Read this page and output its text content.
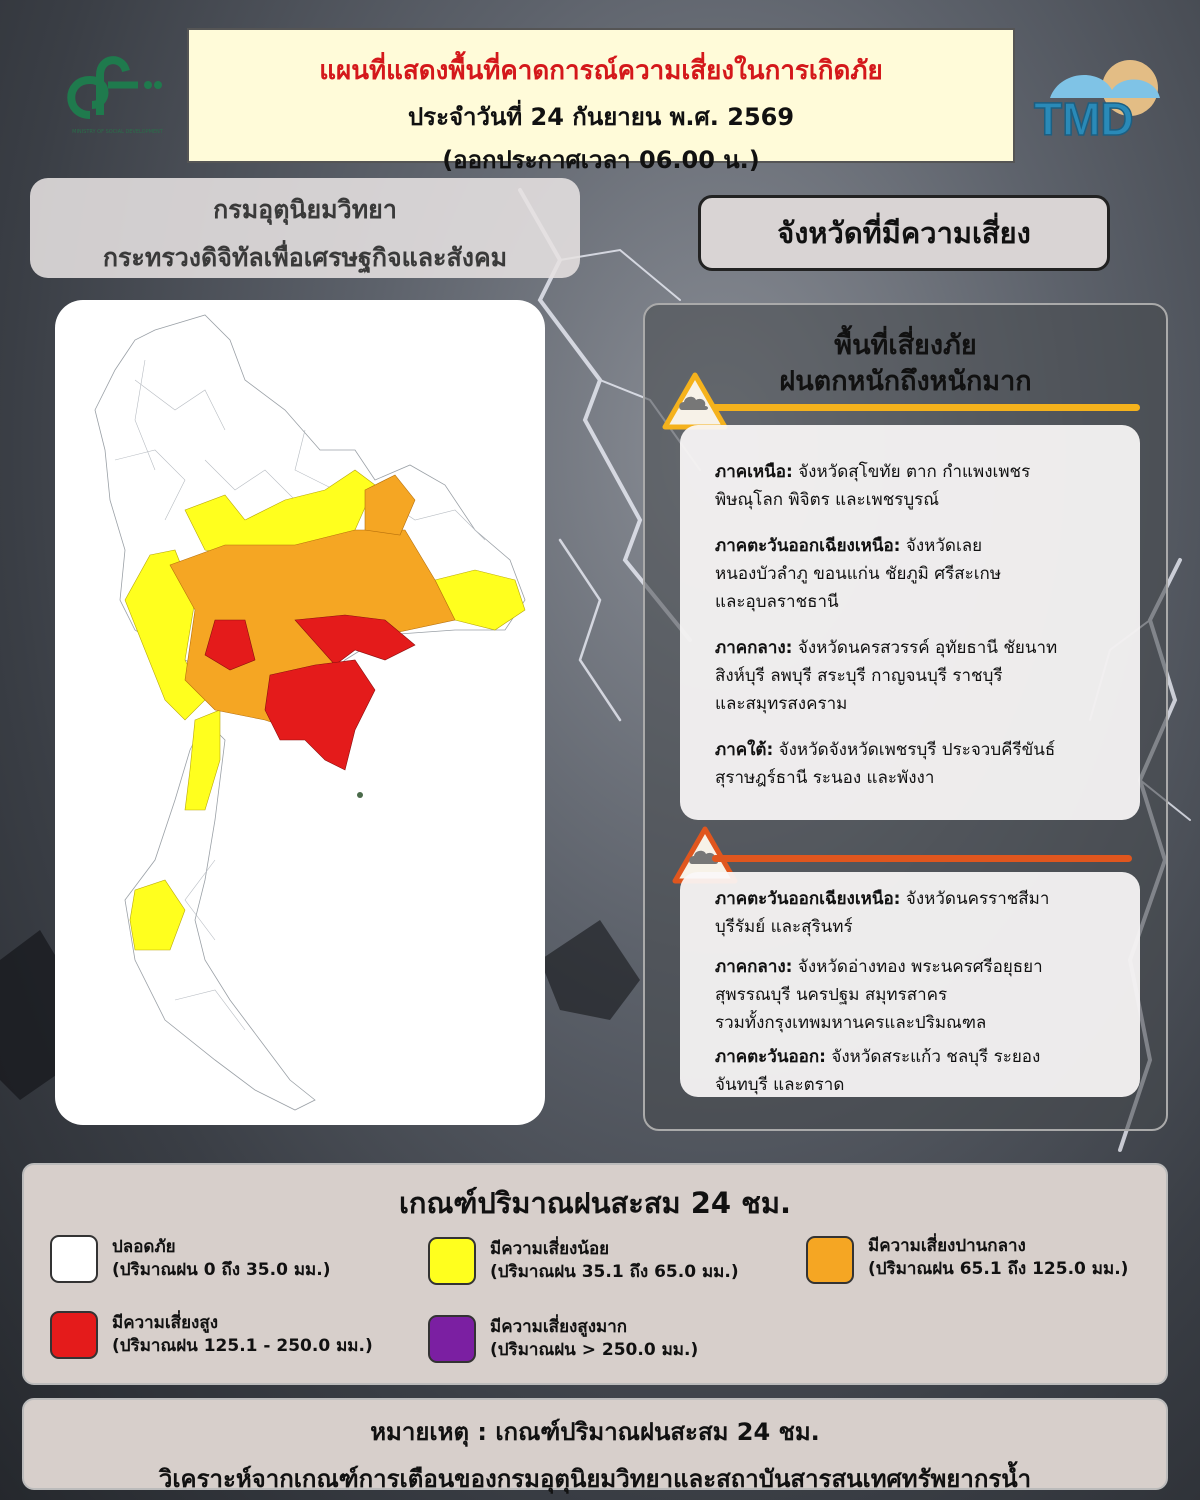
MINISTRY OF SOCIAL DEVELOPMENT
แผนที่แสดงพื้นที่คาดการณ์ความเสี่ยงในการเกิดภัย
ประจำวันที่ 24 กันยายน พ.ศ. 2569
(ออกประกาศเวลา 06.00 น.)
TMD
กรมอุตุนิยมวิทยา
กระทรวงดิจิทัลเพื่อเศรษฐกิจและสังคม
จังหวัดที่มีความเสี่ยง
พื้นที่เสี่ยงภัย
ฝนตกหนักถึงหนักมาก
ภาคเหนือ: จังหวัดสุโขทัย ตาก กำแพงเพชร
พิษณุโลก พิจิตร และเพชรบูรณ์
ภาคตะวันออกเฉียงเหนือ: จังหวัดเลย
หนองบัวลำภู ขอนแก่น ชัยภูมิ ศรีสะเกษ
และอุบลราชธานี
ภาคกลาง: จังหวัดนครสวรรค์ อุทัยธานี ชัยนาท
สิงห์บุรี ลพบุรี สระบุรี กาญจนบุรี ราชบุรี
และสมุทรสงคราม
ภาคใต้: จังหวัดจังหวัดเพชรบุรี ประจวบคีรีขันธ์
สุราษฎร์ธานี ระนอง และพังงา
ภาคตะวันออกเฉียงเหนือ: จังหวัดนครราชสีมา
บุรีรัมย์ และสุรินทร์
ภาคกลาง: จังหวัดอ่างทอง พระนครศรีอยุธยา
สุพรรณบุรี นครปฐม สมุทรสาคร
รวมทั้งกรุงเทพมหานครและปริมณฑล
ภาคตะวันออก: จังหวัดสระแก้ว ชลบุรี ระยอง
จันทบุรี และตราด
เกณฑ์ปริมาณฝนสะสม 24 ชม.
ปลอดภัย
(ปริมาณฝน 0 ถึง 35.0 มม.)
มีความเสี่ยงน้อย
(ปริมาณฝน 35.1 ถึง 65.0 มม.)
มีความเสี่ยงปานกลาง
(ปริมาณฝน 65.1 ถึง 125.0 มม.)
มีความเสี่ยงสูง
(ปริมาณฝน 125.1 - 250.0 มม.)
มีความเสี่ยงสูงมาก
(ปริมาณฝน > 250.0 มม.)
หมายเหตุ : เกณฑ์ปริมาณฝนสะสม 24 ชม.
วิเคราะห์จากเกณฑ์การเตือนของกรมอุตุนิยมวิทยาและสถาบันสารสนเทศทรัพยากรน้ำ
